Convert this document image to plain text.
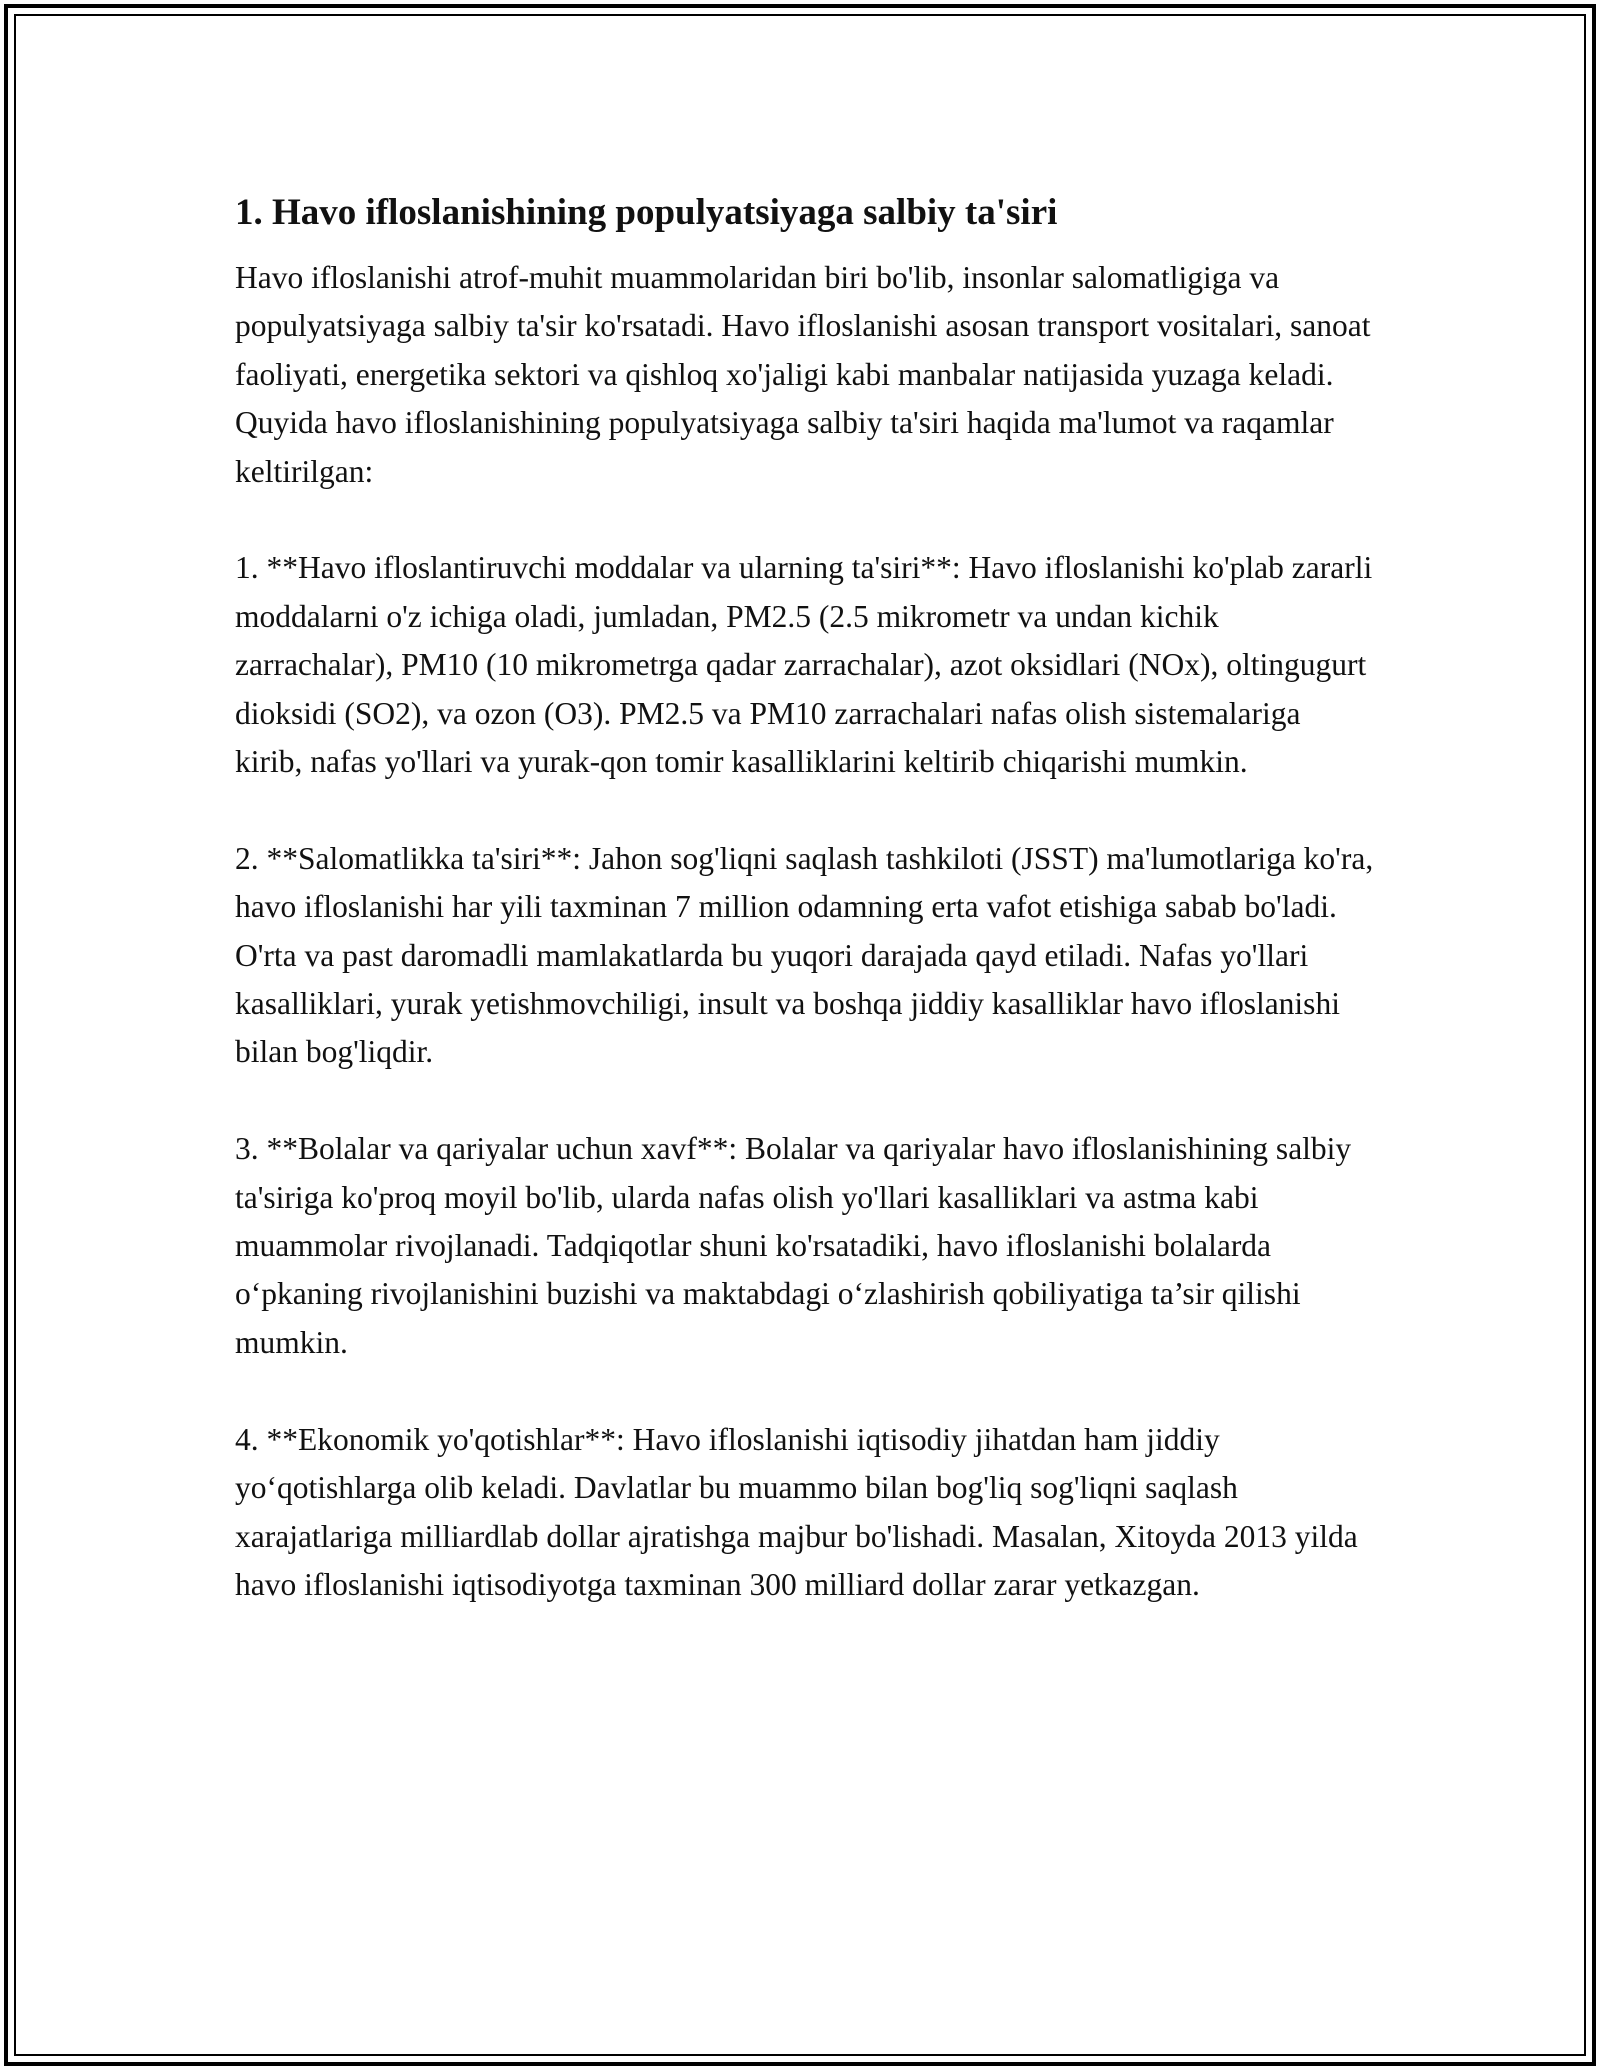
1. Havo ifloslanishining populyatsiyaga salbiy ta'siri

Havo ifloslanishi atrof-muhit muammolaridan biri bo'lib, insonlar salomatligiga va populyatsiyaga salbiy ta'sir ko'rsatadi. Havo ifloslanishi asosan transport vositalari, sanoat faoliyati, energetika sektori va qishloq xo'jaligi kabi manbalar natijasida yuzaga keladi. Quyida havo ifloslanishining populyatsiyaga salbiy ta'siri haqida ma'lumot va raqamlar keltirilgan:

1. **Havo ifloslantiruvchi moddalar va ularning ta'siri**: Havo ifloslanishi ko'plab zararli moddalarni o'z ichiga oladi, jumladan, PM2.5 (2.5 mikrometr va undan kichik zarrachalar), PM10 (10 mikrometrga qadar zarrachalar), azot oksidlari (NOx), oltingugurt dioksidi (SO2), va ozon (O3). PM2.5 va PM10 zarrachalari nafas olish sistemalariga kirib, nafas yo'llari va yurak-qon tomir kasalliklarini keltirib chiqarishi mumkin.

2. **Salomatlikka ta'siri**: Jahon sog'liqni saqlash tashkiloti (JSST) ma'lumotlariga ko'ra, havo ifloslanishi har yili taxminan 7 million odamning erta vafot etishiga sabab bo'ladi. O'rta va past daromadli mamlakatlarda bu yuqori darajada qayd etiladi. Nafas yo'llari kasalliklari, yurak yetishmovchiligi, insult va boshqa jiddiy kasalliklar havo ifloslanishi bilan bog'liqdir.

3. **Bolalar va qariyalar uchun xavf**: Bolalar va qariyalar havo ifloslanishining salbiy ta'siriga ko'proq moyil bo'lib, ularda nafas olish yo'llari kasalliklari va astma kabi muammolar rivojlanadi. Tadqiqotlar shuni ko'rsatadiki, havo ifloslanishi bolalarda o‘pkaning rivojlanishini buzishi va maktabdagi o‘zlashirish qobiliyatiga ta’sir qilishi mumkin.

4. **Ekonomik yo'qotishlar**: Havo ifloslanishi iqtisodiy jihatdan ham jiddiy yo‘qotishlarga olib keladi. Davlatlar bu muammo bilan bog'liq sog'liqni saqlash xarajatlariga milliardlab dollar ajratishga majbur bo'lishadi. Masalan, Xitoyda 2013 yilda havo ifloslanishi iqtisodiyotga taxminan 300 milliard dollar zarar yetkazgan.
